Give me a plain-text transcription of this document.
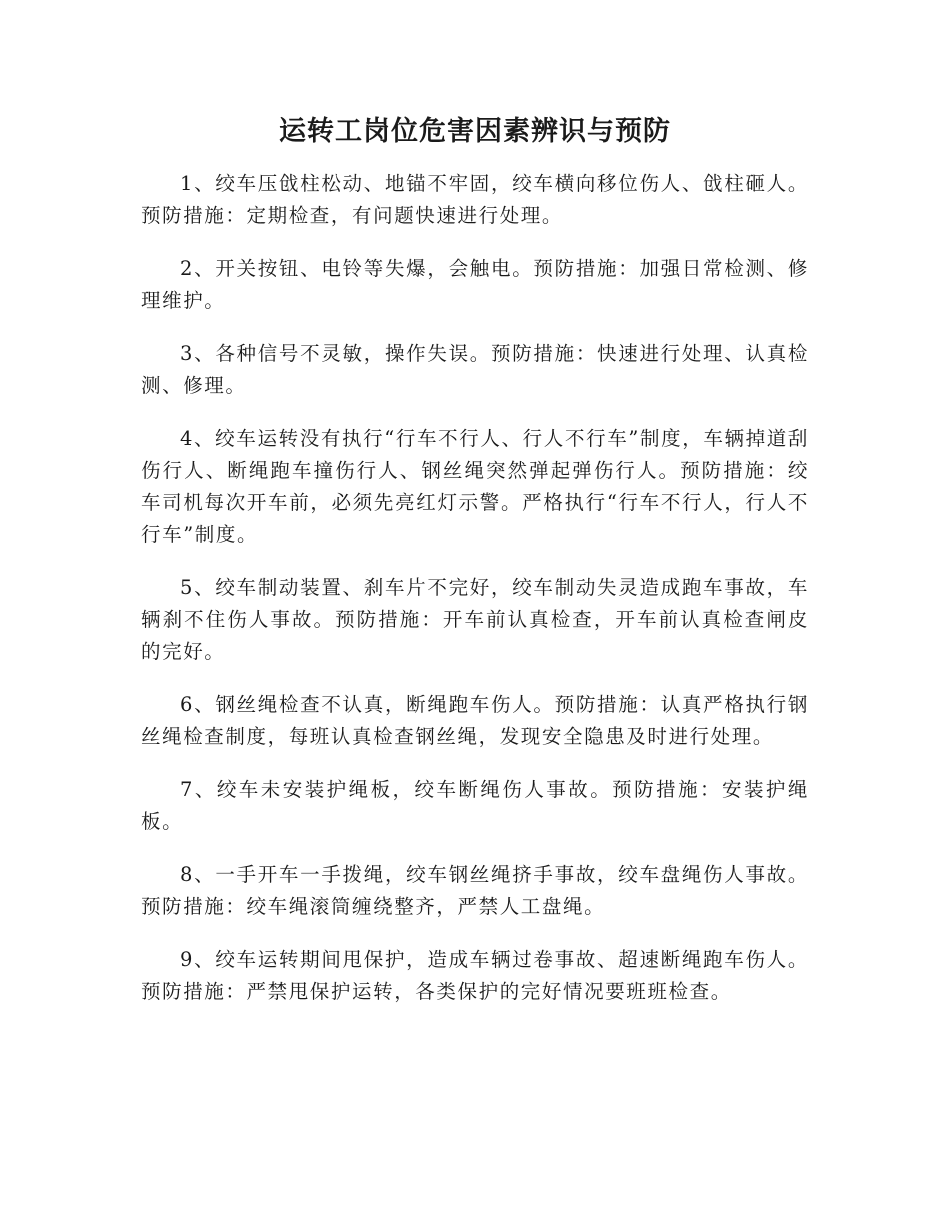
运转工岗位危害因素辨识与预防

1、绞车压戗柱松动、地锚不牢固，绞车横向移位伤人、戗柱砸人。预防措施：定期检查，有问题快速进行处理。

2、开关按钮、电铃等失爆，会触电。预防措施：加强日常检测、修理维护。

3、各种信号不灵敏，操作失误。预防措施：快速进行处理、认真检测、修理。

4、绞车运转没有执行“行车不行人、行人不行车”制度，车辆掉道刮伤行人、断绳跑车撞伤行人、钢丝绳突然弹起弹伤行人。预防措施：绞车司机每次开车前，必须先亮红灯示警。严格执行“行车不行人，行人不行车”制度。

5、绞车制动装置、刹车片不完好，绞车制动失灵造成跑车事故，车辆刹不住伤人事故。预防措施：开车前认真检查，开车前认真检查闸皮的完好。

6、钢丝绳检查不认真，断绳跑车伤人。预防措施：认真严格执行钢丝绳检查制度，每班认真检查钢丝绳，发现安全隐患及时进行处理。

7、绞车未安装护绳板，绞车断绳伤人事故。预防措施：安装护绳板。

8、一手开车一手拨绳，绞车钢丝绳挤手事故，绞车盘绳伤人事故。预防措施：绞车绳滚筒缠绕整齐，严禁人工盘绳。

9、绞车运转期间甩保护，造成车辆过卷事故、超速断绳跑车伤人。预防措施：严禁甩保护运转，各类保护的完好情况要班班检查。
